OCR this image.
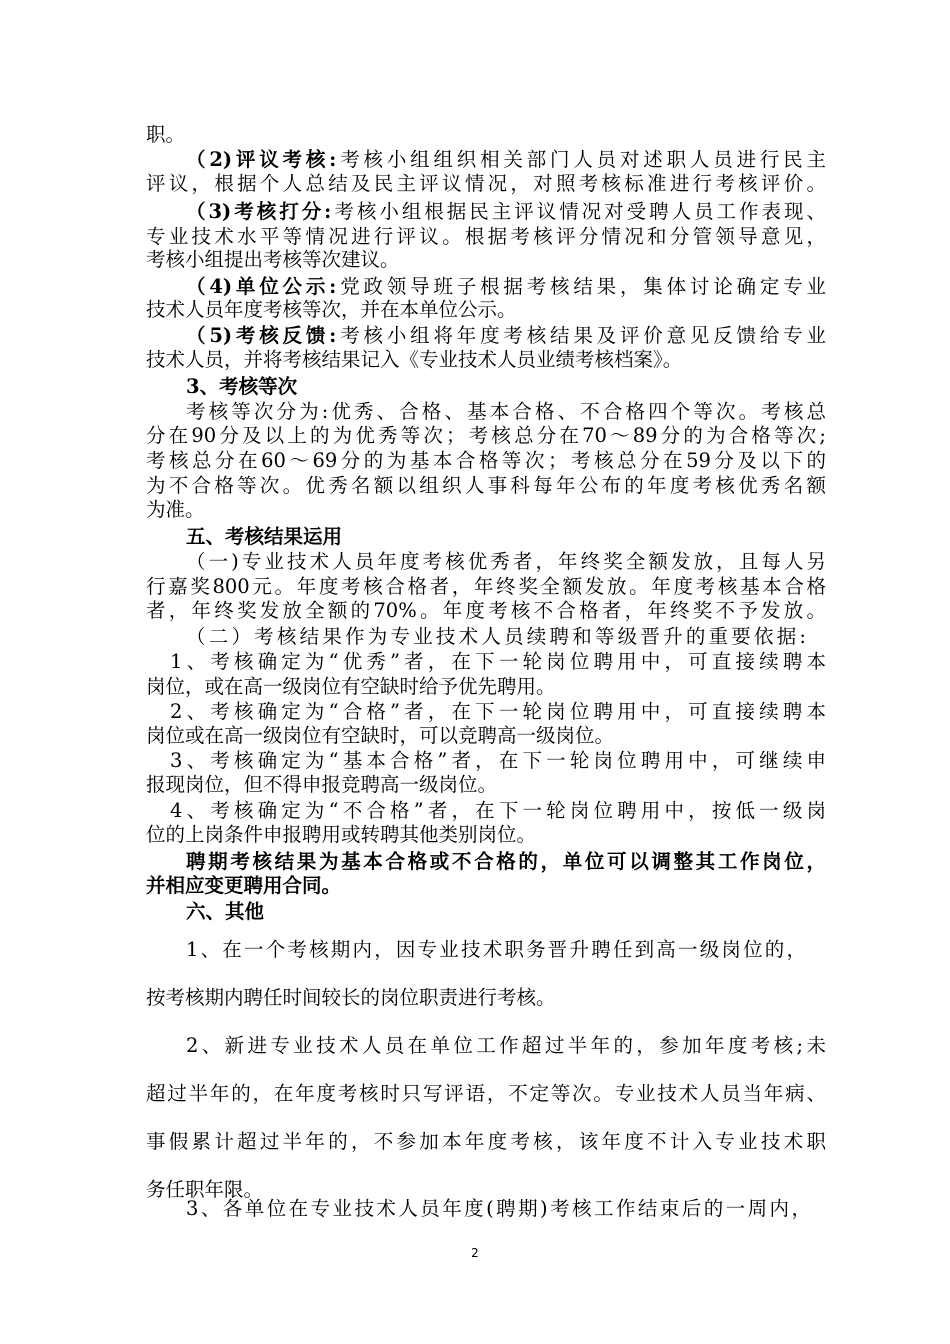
职。
（2)评议考核:考核小组组织相关部门人员对述职人员进行民主
评议，根据个人总结及民主评议情况，对照考核标准进行考核评价。
（3)考核打分:考核小组根据民主评议情况对受聘人员工作表现、
专业技术水平等情况进行评议。根据考核评分情况和分管领导意见，
考核小组提出考核等次建议。
（4)单位公示:党政领导班子根据考核结果，集体讨论确定专业
技术人员年度考核等次，并在本单位公示。
（5)考核反馈:考核小组将年度考核结果及评价意见反馈给专业
技术人员，并将考核结果记入《专业技术人员业绩考核档案》。
3、考核等次
考核等次分为:优秀、合格、基本合格、不合格四个等次。考核总
分在90分及以上的为优秀等次；考核总分在70～89分的为合格等次;
考核总分在60～69分的为基本合格等次；考核总分在59分及以下的
为不合格等次。优秀名额以组织人事科每年公布的年度考核优秀名额
为准。
五、考核结果运用
（一)专业技术人员年度考核优秀者，年终奖全额发放，且每人另
行嘉奖800元。年度考核合格者，年终奖全额发放。年度考核基本合格
者，年终奖发放全额的70%。年度考核不合格者，年终奖不予发放。
（二）考核结果作为专业技术人员续聘和等级晋升的重要依据:
1、考核确定为“优秀”者，在下一轮岗位聘用中，可直接续聘本
岗位，或在高一级岗位有空缺时给予优先聘用。
2、考核确定为“合格”者，在下一轮岗位聘用中，可直接续聘本
岗位或在高一级岗位有空缺时，可以竞聘高一级岗位。
3、考核确定为“基本合格”者，在下一轮岗位聘用中，可继续申
报现岗位，但不得申报竞聘高一级岗位。
4、考核确定为“不合格”者，在下一轮岗位聘用中，按低一级岗
位的上岗条件申报聘用或转聘其他类别岗位。
聘期考核结果为基本合格或不合格的，单位可以调整其工作岗位，
并相应变更聘用合同。
六、其他
1、在一个考核期内，因专业技术职务晋升聘任到高一级岗位的，
按考核期内聘任时间较长的岗位职责进行考核。
2、新进专业技术人员在单位工作超过半年的，参加年度考核;未
超过半年的，在年度考核时只写评语，不定等次。专业技术人员当年病、
事假累计超过半年的，不参加本年度考核，该年度不计入专业技术职
务任职年限。
3、各单位在专业技术人员年度(聘期)考核工作结束后的一周内，
2
